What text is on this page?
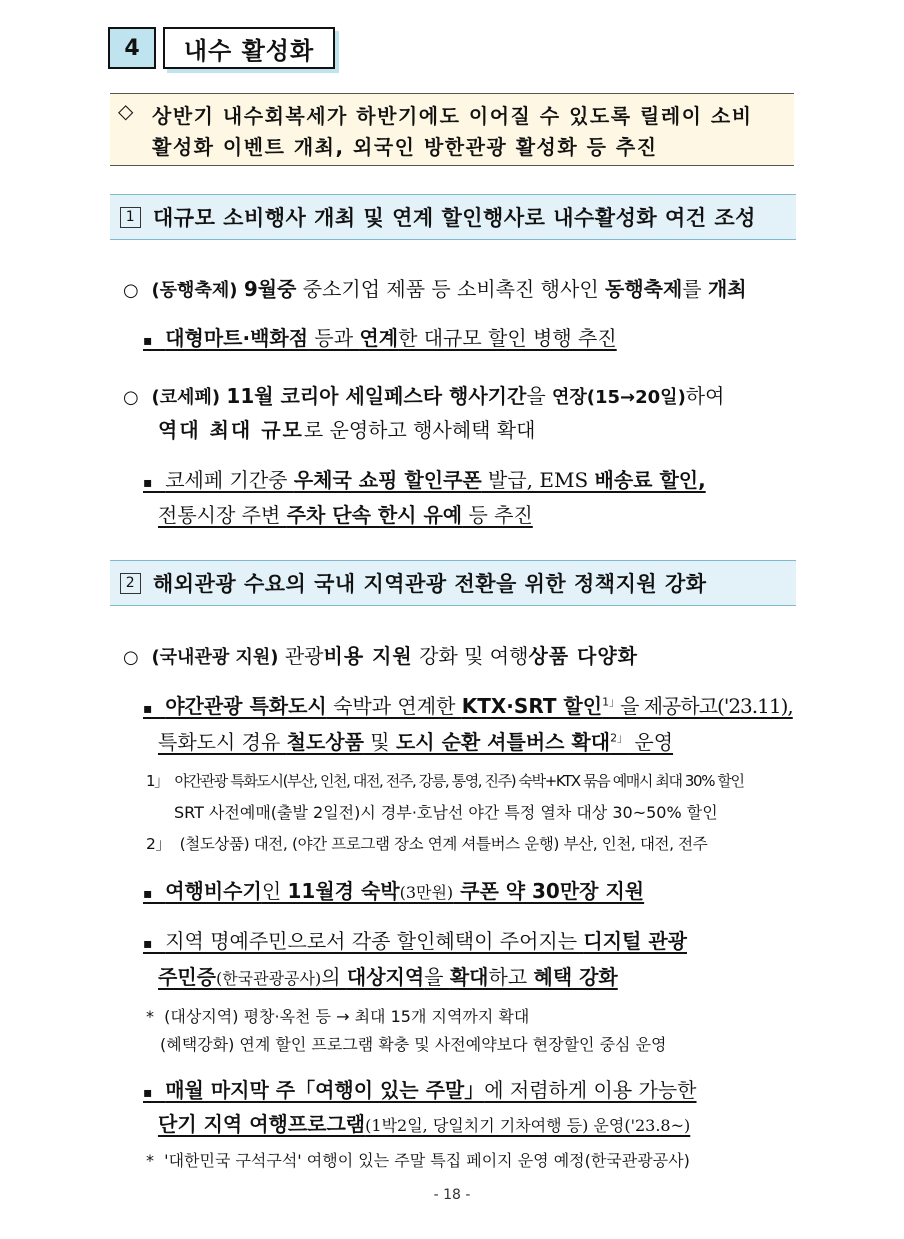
4	내수 활성화
◇ 상반기 내수회복세가 하반기에도 이어질 수 있도록 릴레이 소비
활성화 이벤트 개최, 외국인 방한관광 활성화 등 추진
1 대규모 소비행사 개최 및 연계 할인행사로 내수활성화 여건 조성
○ (동행축제) 9월중 중소기업 제품 등 소비촉진 행사인 동행축제를 개최
▪ 대형마트·백화점 등과 연계한 대규모 할인 병행 추진
○ (코세페) 11월 코리아 세일페스타 행사기간을 연장(15→20일)하여
역대 최대 규모로 운영하고 행사혜택 확대
▪ 코세페 기간중 우체국 쇼핑 할인쿠폰 발급, EMS 배송료 할인,
전통시장 주변 주차 단속 한시 유예 등 추진
2 해외관광 수요의 국내 지역관광 전환을 위한 정책지원 강화
○ (국내관광 지원) 관광비용 지원 강화 및 여행상품 다양화
▪ 야간관광 특화도시 숙박과 연계한 KTX·SRT 할인$^{1」}$을 제공하고('23.11),
특화도시 경유 철도상품 및 도시 순환 셔틀버스 확대$^{2」}$ 운영
1」 야간관광 특화도시(부산, 인천, 대전, 전주, 강릉, 통영, 진주) 숙박+KTX 묶음 예매시 최대 30% 할인
SRT 사전예매(출발 2일전)시 경부·호남선 야간 특정 열차 대상 30~50% 할인
2」 (철도상품) 대전, (야간 프로그램 장소 연계 셔틀버스 운행) 부산, 인천, 대전, 전주
▪ 여행비수기인 11월경 숙박(3만원) 쿠폰 약 30만장 지원
▪ 지역 명예주민으로서 각종 할인혜택이 주어지는 디지털 관광
주민증(한국관광공사)의 대상지역을 확대하고 혜택 강화
* (대상지역) 평창·옥천 등 → 최대 15개 지역까지 확대
(혜택강화) 연계 할인 프로그램 확충 및 사전예약보다 현장할인 중심 운영
▪ 매월 마지막 주「여행이 있는 주말」에 저렴하게 이용 가능한
단기 지역 여행프로그램(1박2일, 당일치기 기차여행 등) 운영('23.8~)
* '대한민국 구석구석' 여행이 있는 주말 특집 페이지 운영 예정(한국관광공사)
- 18 -
